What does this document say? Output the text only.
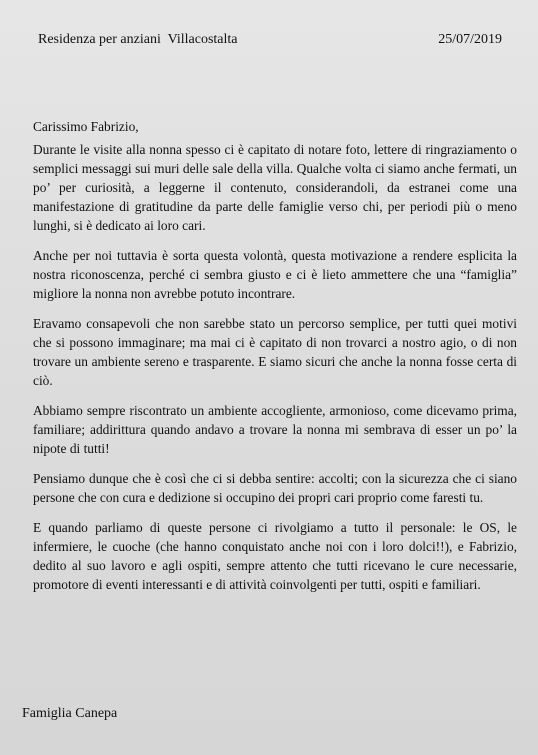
Residenza per anziani  Villacostalta	25/07/2019
Carissimo Fabrizio,

Durante le visite alla nonna spesso ci è capitato di notare foto, lettere di ringraziamento o semplici messaggi sui muri delle sale della villa. Qualche volta ci siamo anche fermati, un po’ per curiosità, a leggerne il contenuto, considerandoli, da estranei come una manifestazione di gratitudine da parte delle famiglie verso chi, per periodi più o meno lunghi, si è dedicato ai loro cari.

Anche per noi tuttavia è sorta questa volontà, questa motivazione a rendere esplicita la nostra riconoscenza, perché ci sembra giusto e ci è lieto ammettere che una “famiglia” migliore la nonna non avrebbe potuto incontrare.

Eravamo consapevoli che non sarebbe stato un percorso semplice, per tutti quei motivi che si possono immaginare; ma mai ci è capitato di non trovarci a nostro agio, o di non trovare un ambiente sereno e trasparente. E siamo sicuri che anche la nonna fosse certa di ciò.

Abbiamo sempre riscontrato un ambiente accogliente, armonioso, come dicevamo prima, familiare; addirittura quando andavo a trovare la nonna mi sembrava di esser un po’ la nipote di tutti!

Pensiamo dunque che è così che ci si debba sentire: accolti; con la sicurezza che ci siano persone che con cura e dedizione si occupino dei propri cari proprio come faresti tu.

E quando parliamo di queste persone ci rivolgiamo a tutto il personale: le OS, le infermiere, le cuoche (che hanno conquistato anche noi con i loro dolci!!), e Fabrizio, dedito al suo lavoro e agli ospiti, sempre attento che tutti ricevano le cure necessarie, promotore di eventi interessanti e di attività coinvolgenti per tutti, ospiti e familiari.

Famiglia Canepa
